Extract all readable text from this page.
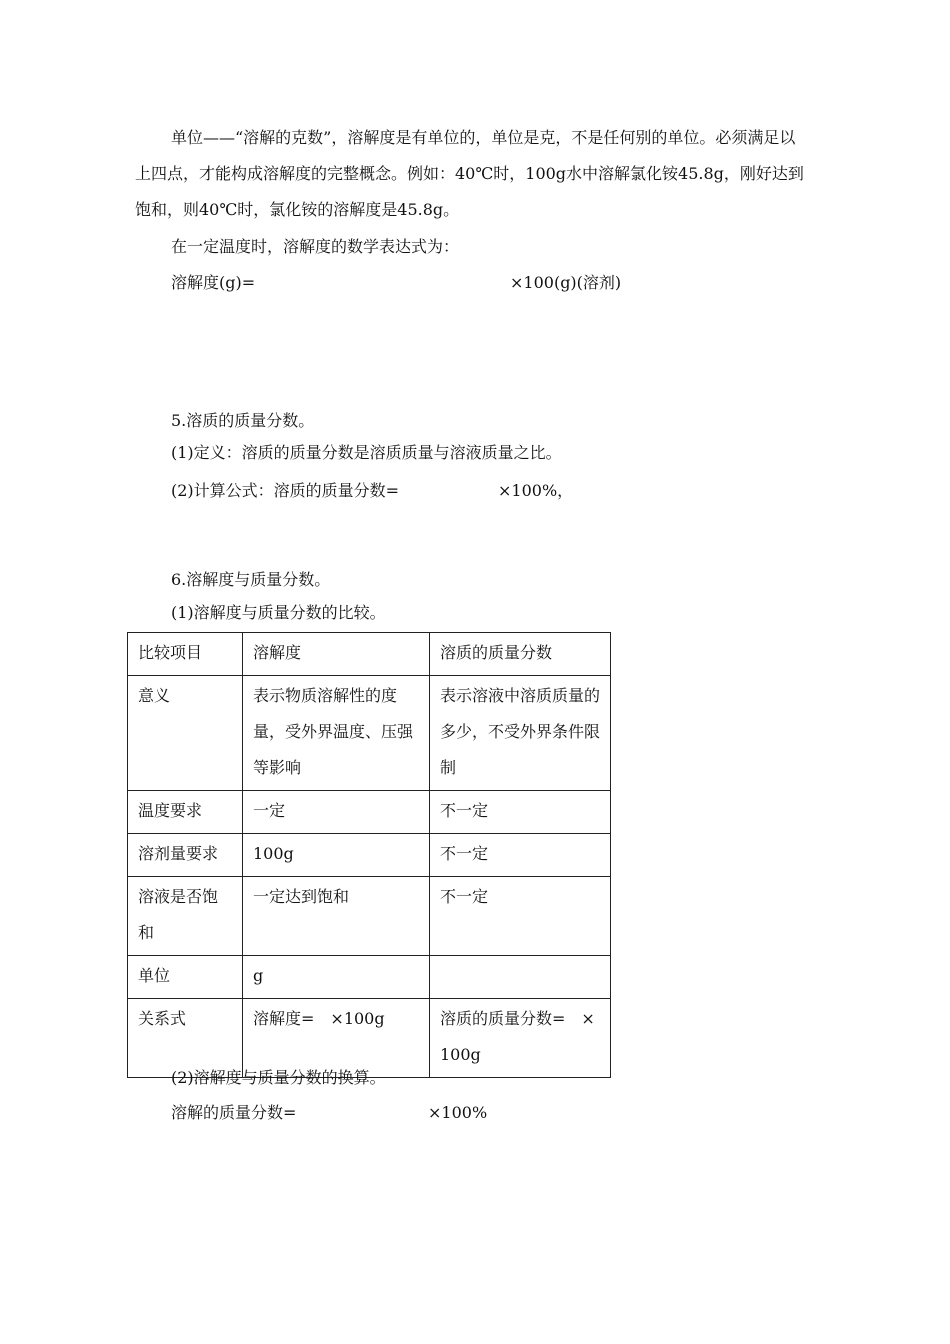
单位——“溶解的克数”，溶解度是有单位的，单位是克，不是任何别的单位。必须满足以上四点，才能构成溶解度的完整概念。例如：40℃时，100g水中溶解氯化铵45.8g，刚好达到饱和，则40℃时，氯化铵的溶解度是45.8g。

在一定温度时，溶解度的数学表达式为：

溶解度(g)=	×100(g)(溶剂)

5.溶质的质量分数。

(1)定义：溶质的质量分数是溶质质量与溶液质量之比。

(2)计算公式：溶质的质量分数=	×100%，

6.溶解度与质量分数。

(1)溶解度与质量分数的比较。

比较项目	溶解度	溶质的质量分数
意义	表示物质溶解性的度量，受外界温度、压强等影响	表示溶液中溶质质量的多少，不受外界条件限制
温度要求	一定	不一定
溶剂量要求	100g	不一定
溶液是否饱和	一定达到饱和	不一定
单位	g	
关系式	溶解度=　×100g	溶质的质量分数=　×100g

(2)溶解度与质量分数的换算。

溶解的质量分数=	×100%
